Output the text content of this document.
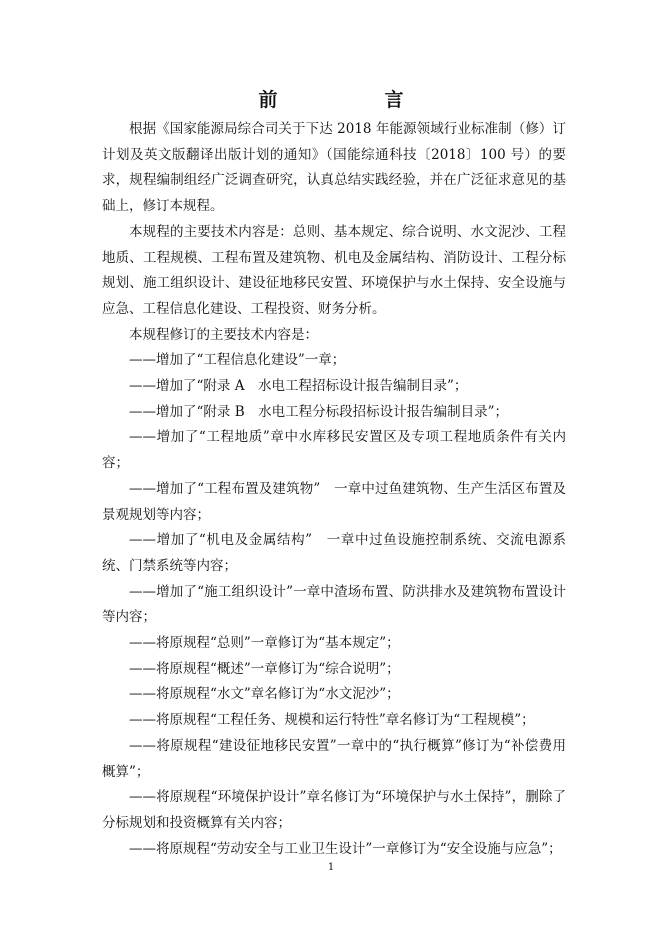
前　言

根据《国家能源局综合司关于下达 2018 年能源领域行业标准制（修）订计划及英文版翻译出版计划的通知》（国能综通科技〔2018〕100 号）的要求，规程编制组经广泛调查研究，认真总结实践经验，并在广泛征求意见的基础上，修订本规程。

本规程的主要技术内容是：总则、基本规定、综合说明、水文泥沙、工程地质、工程规模、工程布置及建筑物、机电及金属结构、消防设计、工程分标规划、施工组织设计、建设征地移民安置、环境保护与水土保持、安全设施与应急、工程信息化建设、工程投资、财务分析。

本规程修订的主要技术内容是：

——增加了“工程信息化建设”一章；

——增加了“附录 A　水电工程招标设计报告编制目录”；

——增加了“附录 B　水电工程分标段招标设计报告编制目录”；

——增加了“工程地质”章中水库移民安置区及专项工程地质条件有关内容；

——增加了“工程布置及建筑物”　一章中过鱼建筑物、生产生活区布置及景观规划等内容；

——增加了“机电及金属结构”　一章中过鱼设施控制系统、交流电源系统、门禁系统等内容；

——增加了“施工组织设计”一章中渣场布置、防洪排水及建筑物布置设计等内容；

——将原规程“总则”一章修订为“基本规定”；

——将原规程“概述”一章修订为“综合说明”；

——将原规程“水文”章名修订为“水文泥沙”；

——将原规程“工程任务、规模和运行特性”章名修订为“工程规模”；

——将原规程“建设征地移民安置”一章中的“执行概算”修订为“补偿费用概算”；

——将原规程“环境保护设计”章名修订为“环境保护与水土保持”，删除了分标规划和投资概算有关内容；

——将原规程“劳动安全与工业卫生设计”一章修订为“安全设施与应急”；

1
